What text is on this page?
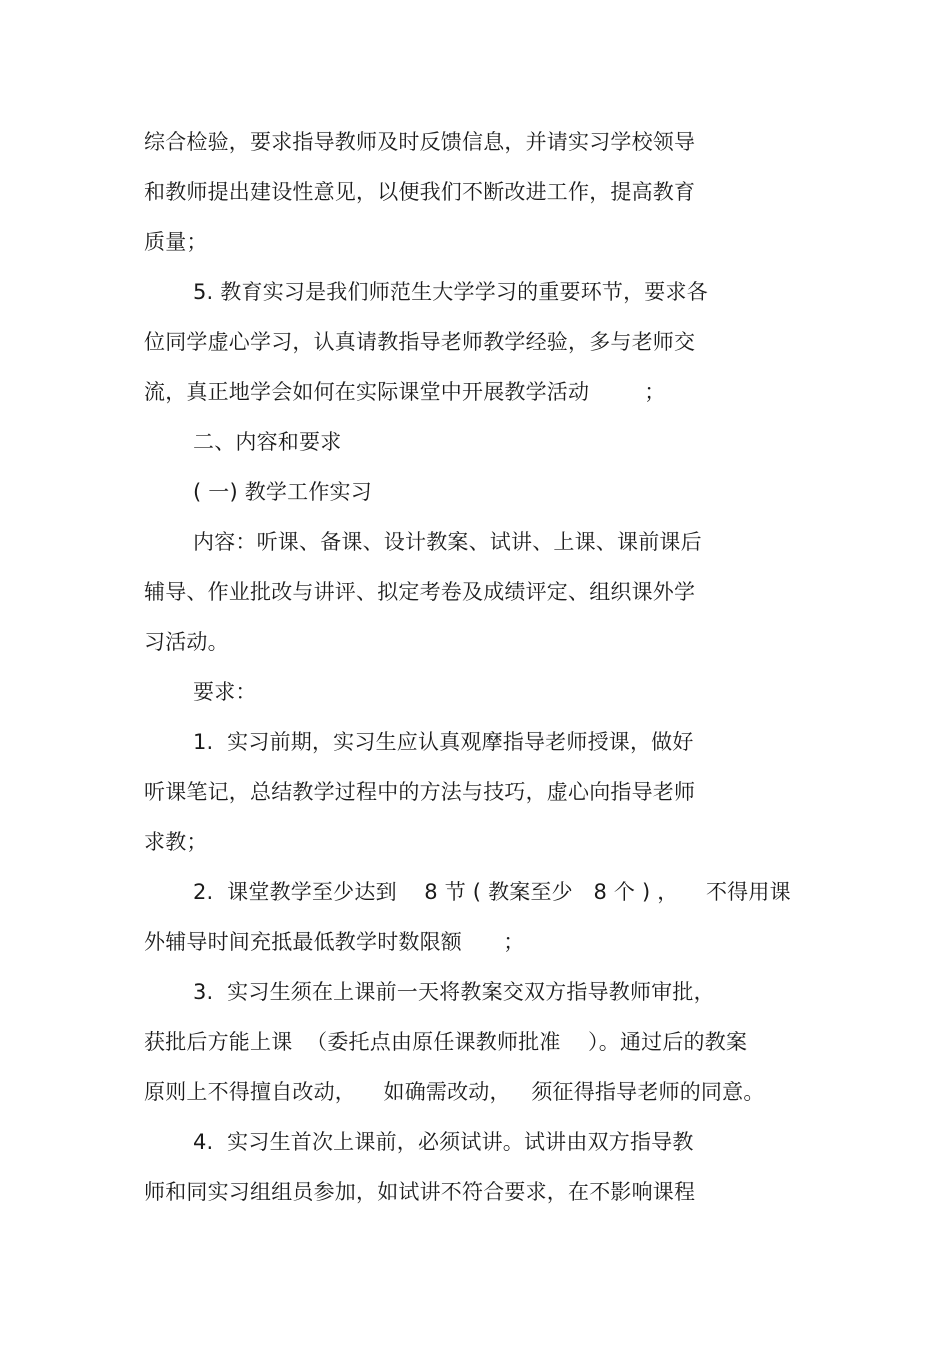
综合检验，要求指导教师及时反馈信息，并请实习学校领导
和教师提出建设性意见，以便我们不断改进工作，提高教育
质量；
5. 教育实习是我们师范生大学学习的重要环节，要求各
位同学虚心学习，认真请教指导老师教学经验，多与老师交
流，真正地学会如何在实际课堂中开展教学活动        ；
二、内容和要求
( 一) 教学工作实习
内容：听课、备课、设计教案、试讲、上课、课前课后
辅导、作业批改与讲评、拟定考卷及成绩评定、组织课外学
习活动。
要求：
1.  实习前期，实习生应认真观摩指导老师授课，做好
听课笔记，总结教学过程中的方法与技巧，虚心向指导老师
求教；
2.  课堂教学至少达到    8 节 ( 教案至少   8 个 ) ，    不得用课
外辅导时间充抵最低教学时数限额      ；
3.  实习生须在上课前一天将教案交双方指导教师审批，
获批后方能上课  （委托点由原任课教师批准    ）。通过后的教案
原则上不得擅自改动，    如确需改动，   须征得指导老师的同意。
4.  实习生首次上课前，必须试讲。试讲由双方指导教
师和同实习组组员参加，如试讲不符合要求，在不影响课程
